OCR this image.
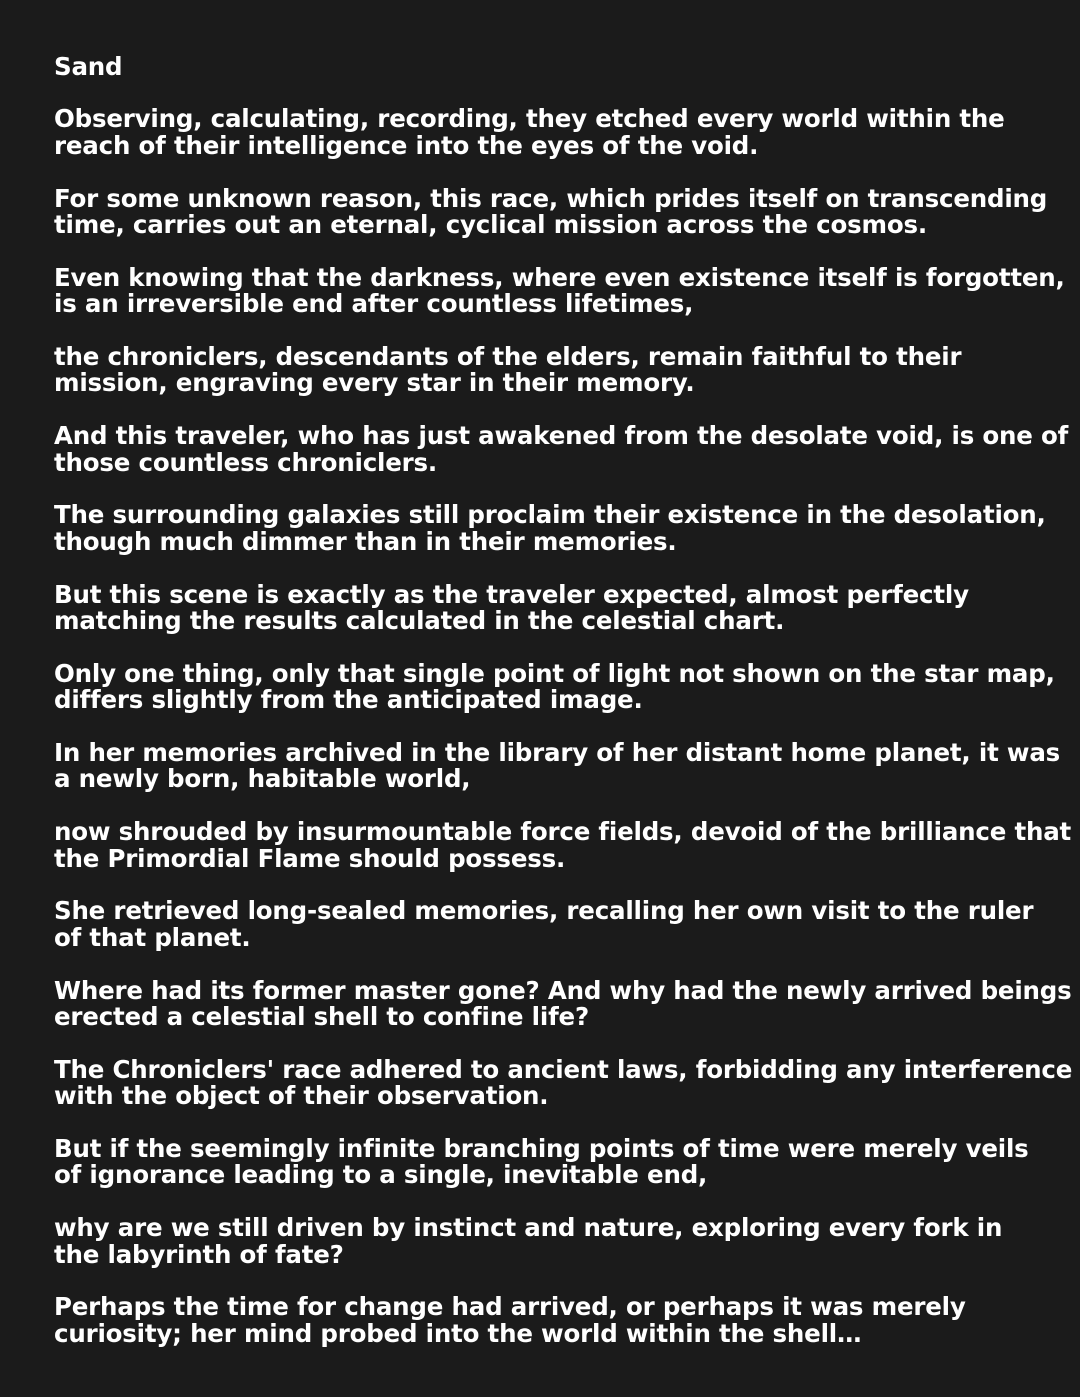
Sand
Observing, calculating, recording, they etched every world within the
reach of their intelligence into the eyes of the void.
For some unknown reason, this race, which prides itself on transcending
time, carries out an eternal, cyclical mission across the cosmos.
Even knowing that the darkness, where even existence itself is forgotten,
is an irreversible end after countless lifetimes,
the chroniclers, descendants of the elders, remain faithful to their
mission, engraving every star in their memory.
And this traveler, who has just awakened from the desolate void, is one of
those countless chroniclers.
The surrounding galaxies still proclaim their existence in the desolation,
though much dimmer than in their memories.
But this scene is exactly as the traveler expected, almost perfectly
matching the results calculated in the celestial chart.
Only one thing, only that single point of light not shown on the star map,
differs slightly from the anticipated image.
In her memories archived in the library of her distant home planet, it was
a newly born, habitable world,
now shrouded by insurmountable force fields, devoid of the brilliance that
the Primordial Flame should possess.
She retrieved long-sealed memories, recalling her own visit to the ruler
of that planet.
Where had its former master gone? And why had the newly arrived beings
erected a celestial shell to confine life?
The Chroniclers' race adhered to ancient laws, forbidding any interference
with the object of their observation.
But if the seemingly infinite branching points of time were merely veils
of ignorance leading to a single, inevitable end,
why are we still driven by instinct and nature, exploring every fork in
the labyrinth of fate?
Perhaps the time for change had arrived, or perhaps it was merely
curiosity; her mind probed into the world within the shell…
